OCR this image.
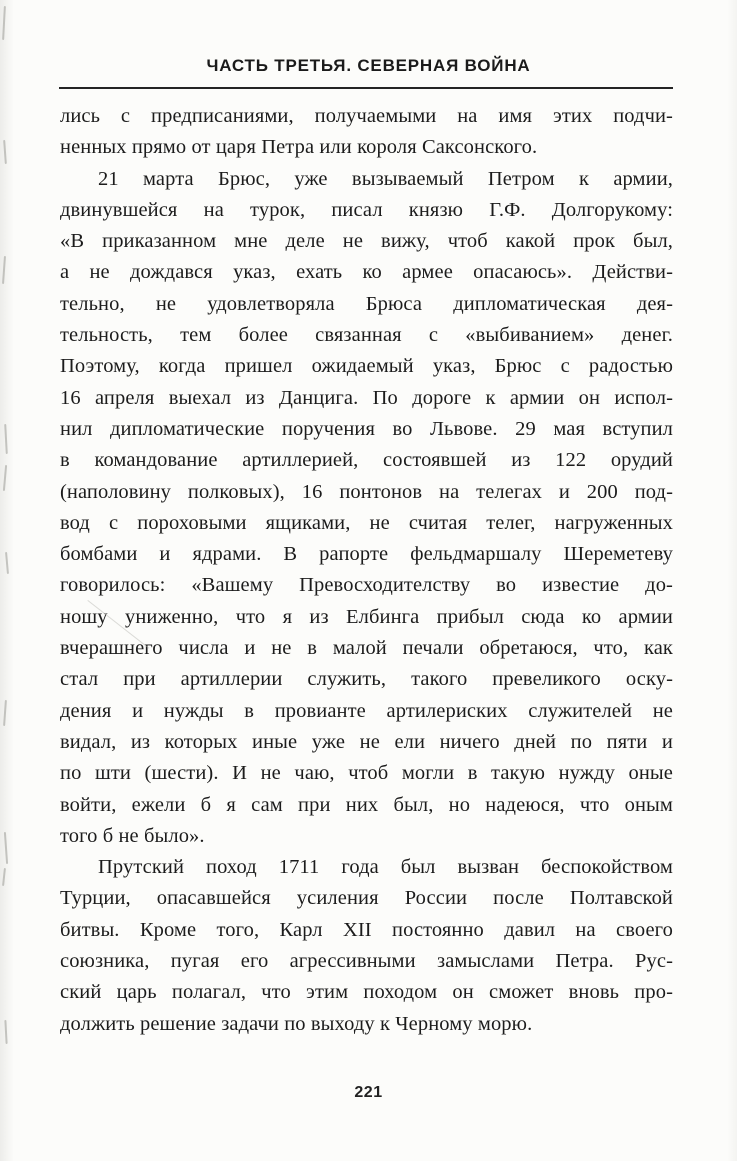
ЧАСТЬ ТРЕТЬЯ. СЕВЕРНАЯ ВОЙНА
лись с предписаниями, получаемыми на имя этих подчи-
ненных прямо от царя Петра или короля Саксонского.
21 марта Брюс, уже вызываемый Петром к армии,
двинувшейся на турок, писал князю Г.Ф. Долгорукому:
«В приказанном мне деле не вижу, чтоб какой прок был,
а не дождався указ, ехать ко армее опасаюсь». Действи-
тельно, не удовлетворяла Брюса дипломатическая дея-
тельность, тем более связанная с «выбиванием» денег.
Поэтому, когда пришел ожидаемый указ, Брюс с радостью
16 апреля выехал из Данцига. По дороге к армии он испол-
нил дипломатические поручения во Львове. 29 мая вступил
в командование артиллерией, состоявшей из 122 орудий
(наполовину полковых), 16 понтонов на телегах и 200 под-
вод с пороховыми ящиками, не считая телег, нагруженных
бомбами и ядрами. В рапорте фельдмаршалу Шереметеву
говорилось: «Вашему Превосходителству во известие до-
ношу униженно, что я из Елбинга прибыл сюда ко армии
вчерашнего числа и не в малой печали обретаюся, что, как
стал при артиллерии служить, такого превеликого оску-
дения и нужды в провианте артилериских служителей не
видал, из которых иные уже не ели ничего дней по пяти и
по шти (шести). И не чаю, чтоб могли в такую нужду оные
войти, ежели б я сам при них был, но надеюся, что оным
того б не было».
Прутский поход 1711 года был вызван беспокойством
Турции, опасавшейся усиления России после Полтавской
битвы. Кроме того, Карл XII постоянно давил на своего
союзника, пугая его агрессивными замыслами Петра. Рус-
ский царь полагал, что этим походом он сможет вновь про-
должить решение задачи по выходу к Черному морю.
221
